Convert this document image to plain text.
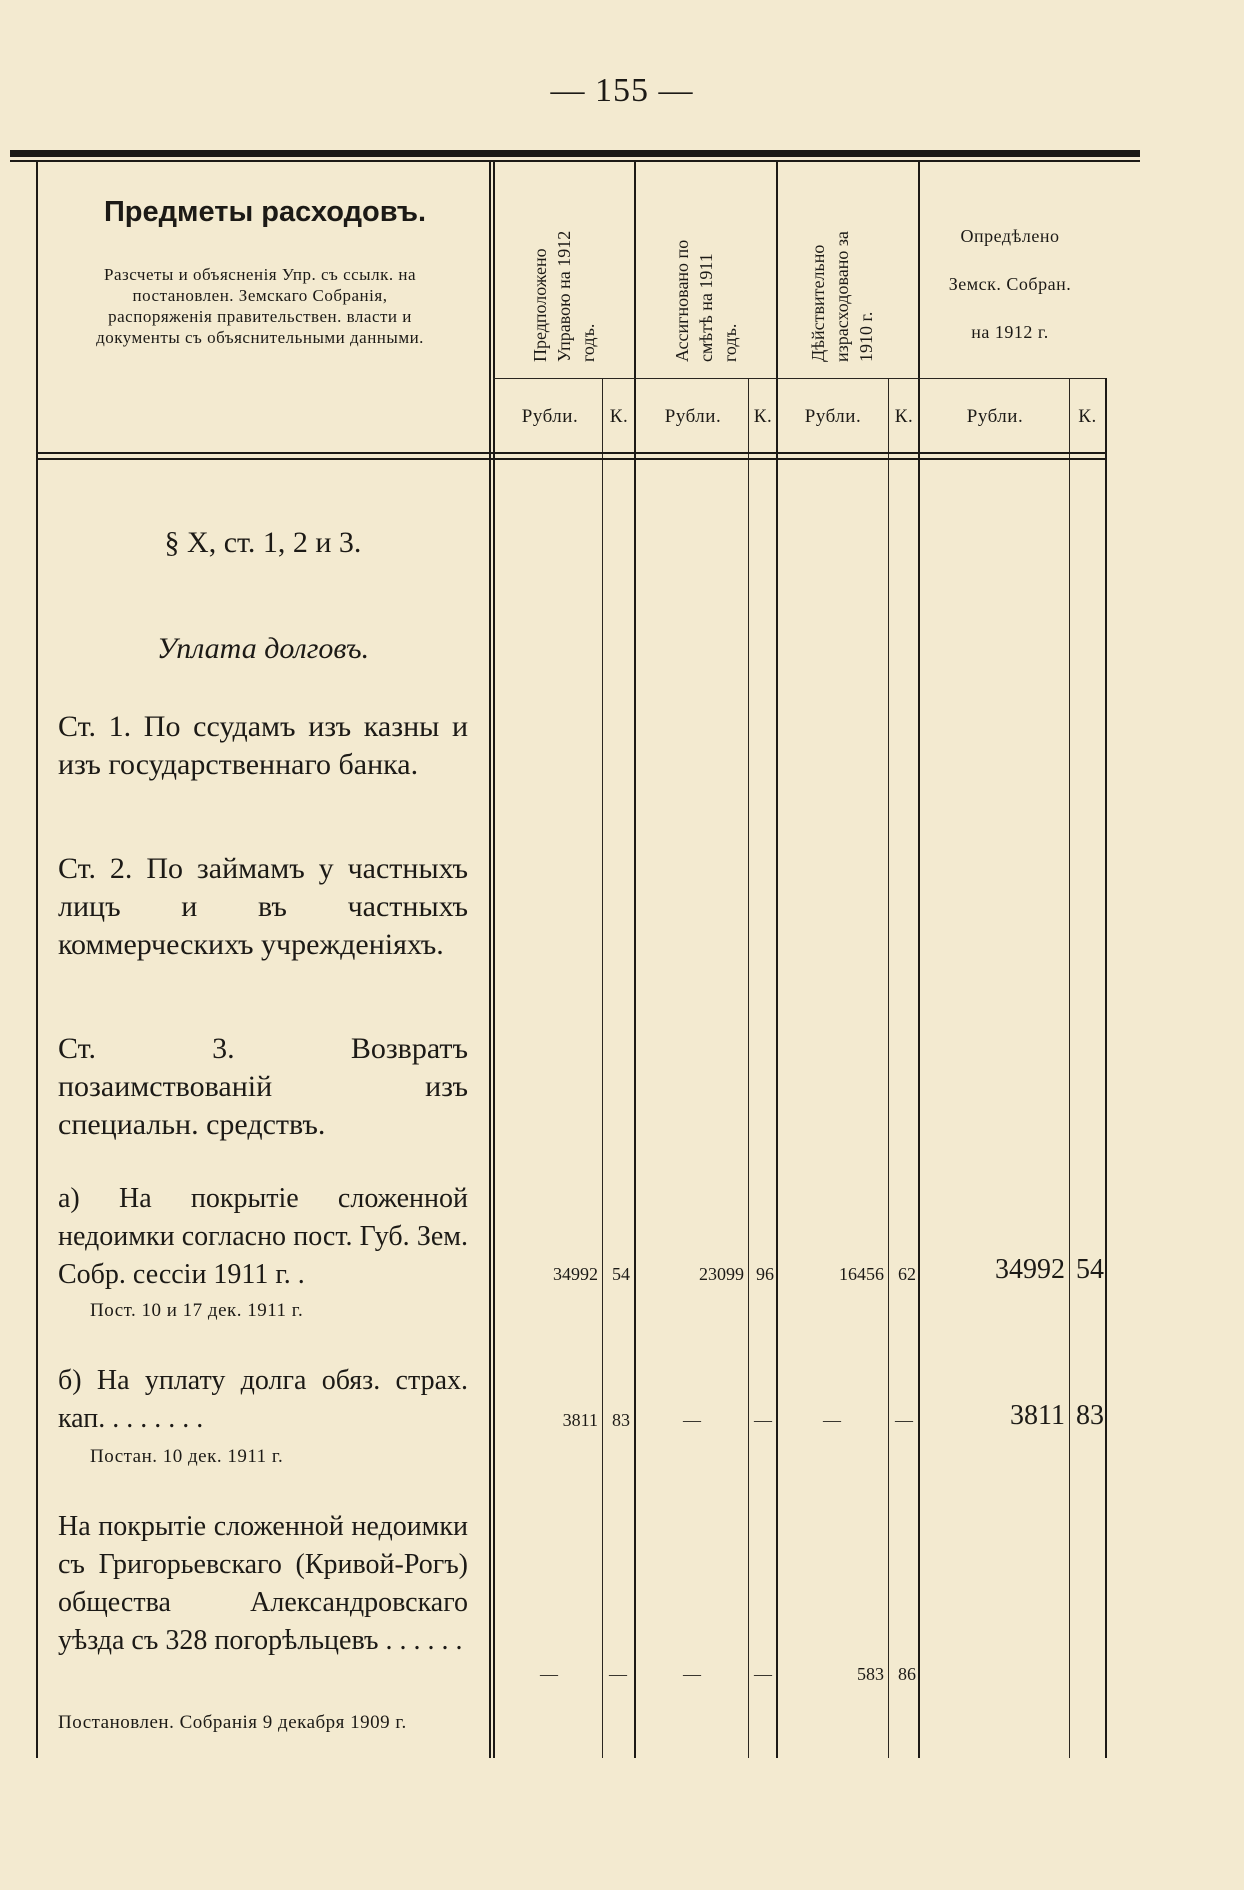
— 155 —
Предметы расходовъ.
Разсчеты и объясненія Упр. съ ссылк. на постановлен. Земскаго Собранія, распоряженія правительствен. власти и документы съ объяснительными данными.	Предположено Управою на 1912 годъ.	Ассигновано по смѣтѣ на 1911 годъ.	Дѣйствительно израсходовано за 1910 г.
Опредѣлено
Земск. Собран.
на 1912 г.
Рубли.	К.	Рубли.	К.	Рубли.	К.	Рубли.	К.
§ X, ст. 1, 2 и 3.
Уплата долговъ.
Ст. 1. По ссудамъ изъ казны и изъ государственнаго банка.
Ст. 2. По займамъ у частныхъ лицъ и въ частныхъ коммерческихъ учрежденіяхъ.
Ст. 3. Возвратъ позаимствованій изъ специальн. средствъ.
а) На покрытіе сложенной недоимки согласно пост. Губ. Зем. Собр. сессіи 1911 г. .
Пост. 10 и 17 дек. 1911 г.
34992 54	23099 96	16456 62	34992 54
б) На уплату долга обяз. страх. кап. . . . . . . .
Постан. 10 дек. 1911 г.
3811 83	—	—	—	—	3811 83
На покрытіе сложенной недоимки съ Григорьевскаго (Кривой-Рогъ) общества Александровскаго уѣзда съ 328 погорѣльцевъ . . . . . .
Постановлен. Собранія 9 декабря 1909 г.
—	—	—	—	583 86
